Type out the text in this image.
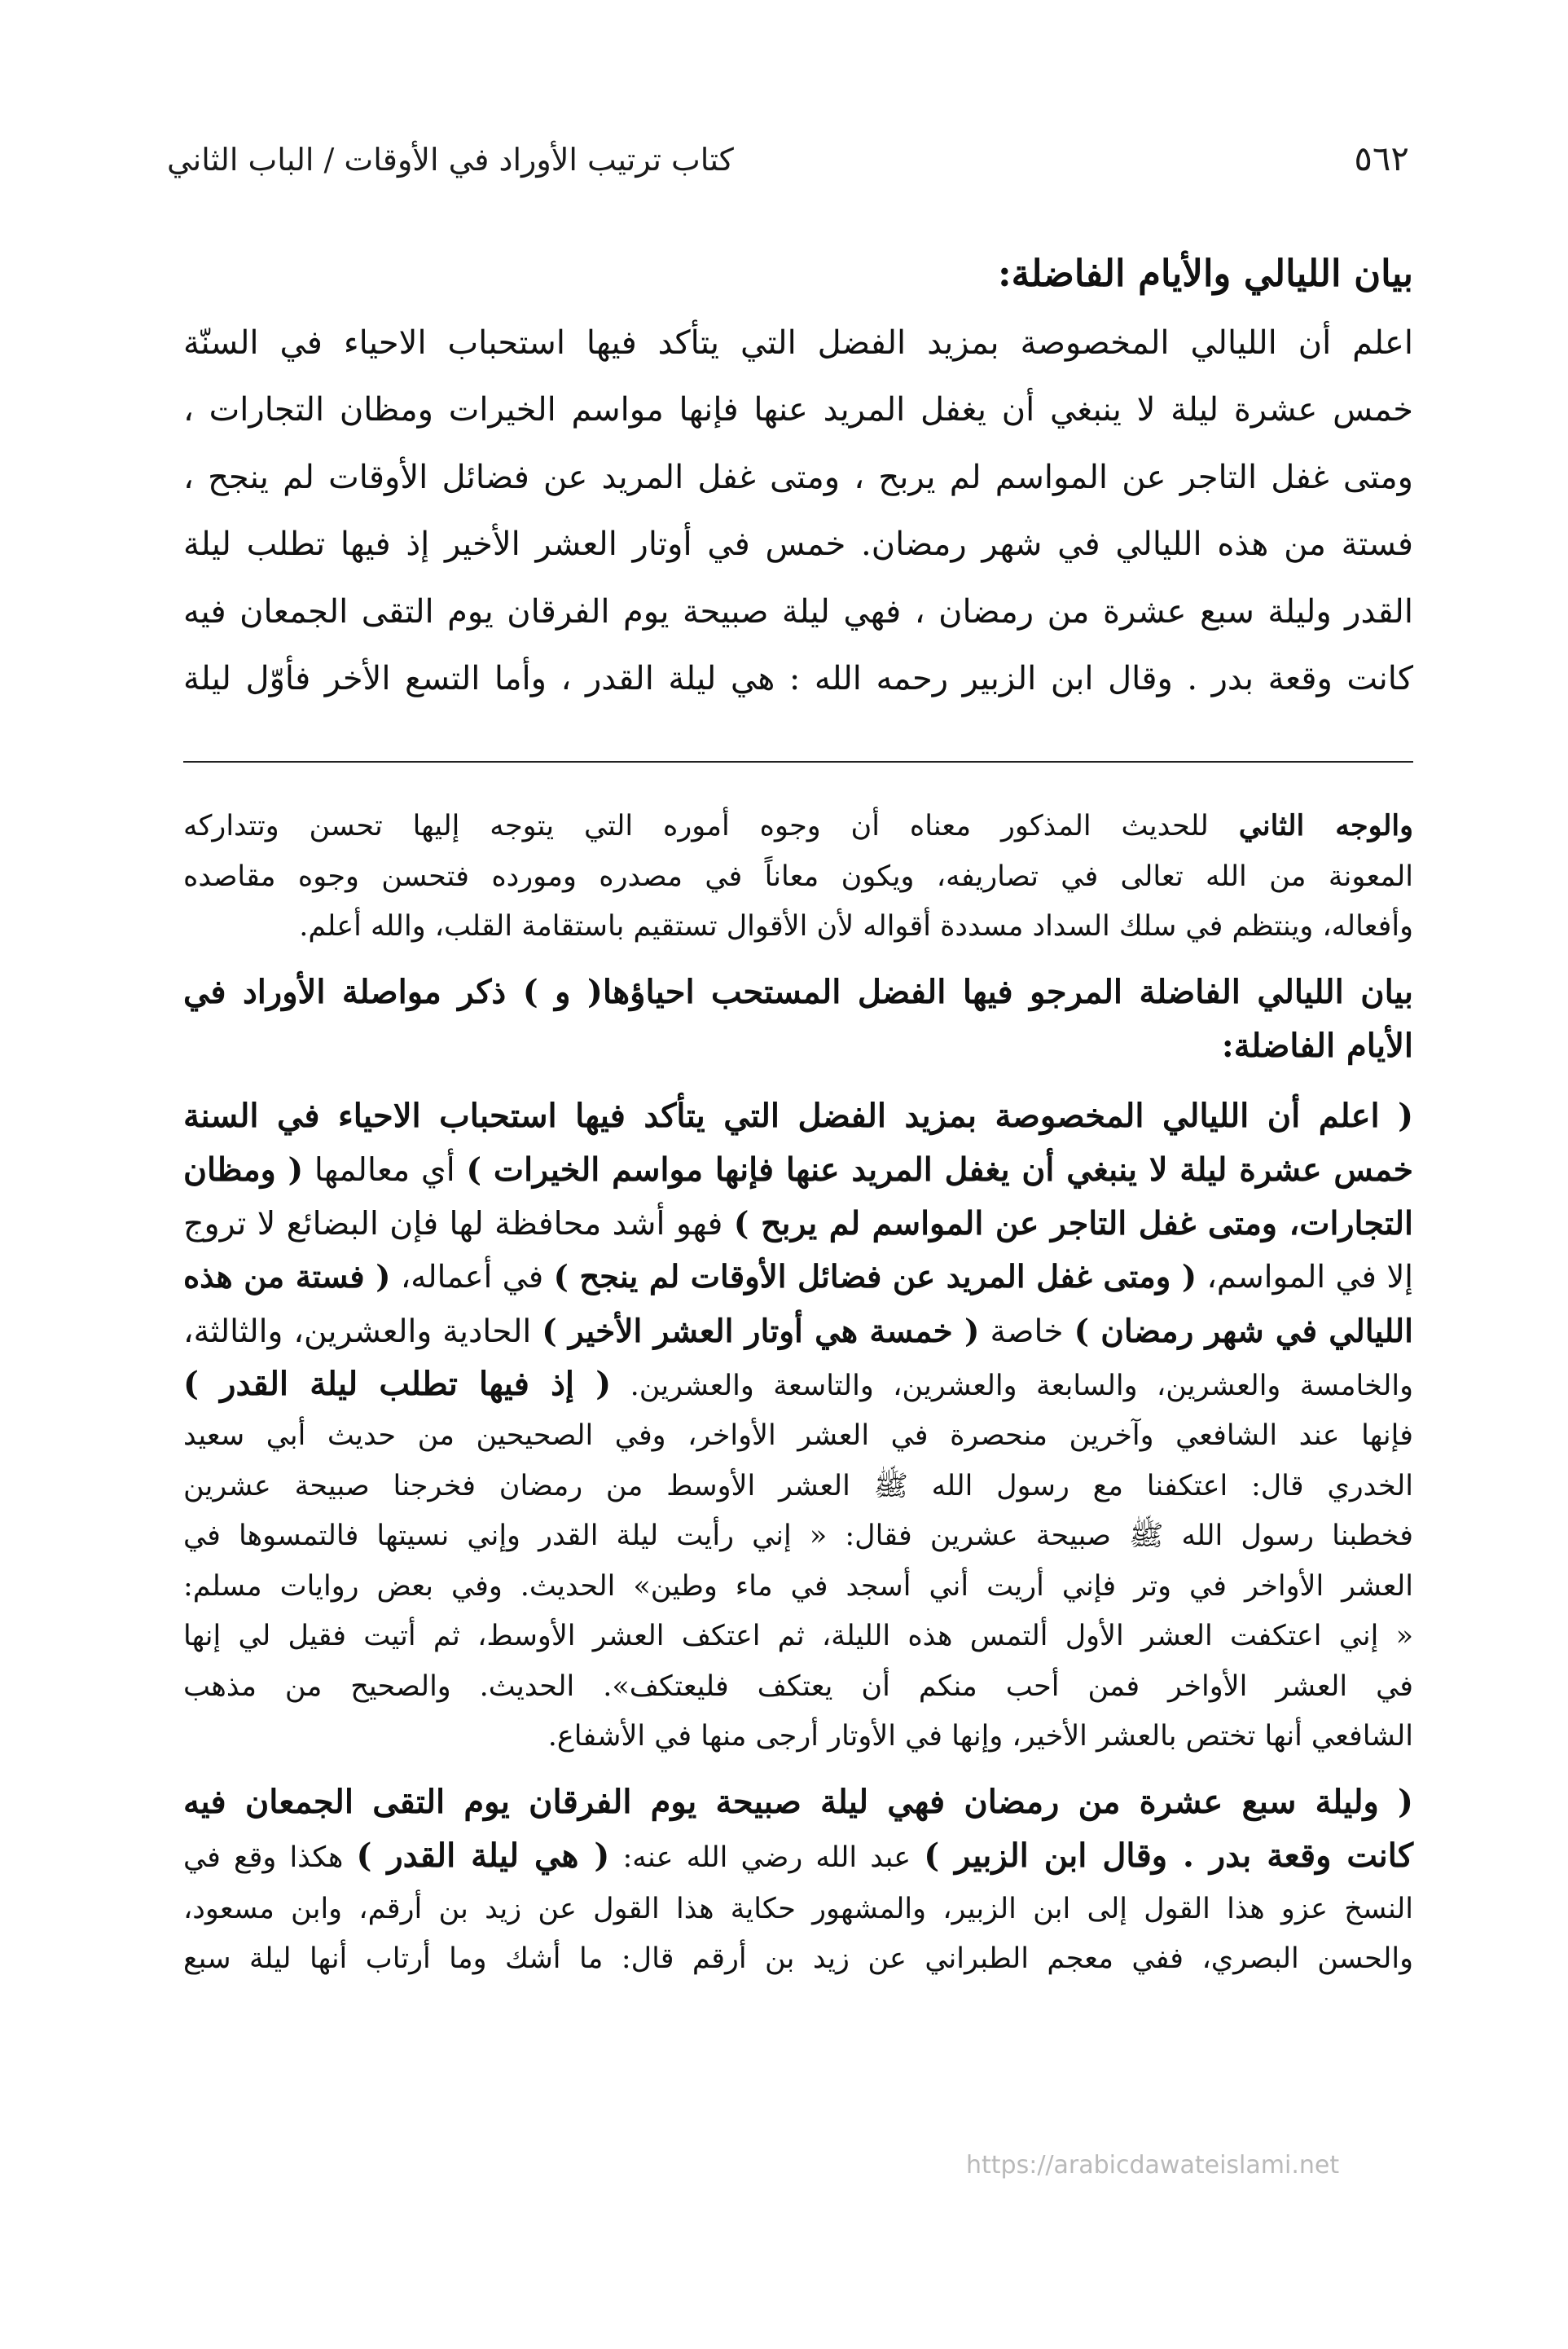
٥٦٢
كتاب ترتيب الأوراد في الأوقات / الباب الثاني
بيان الليالي والأيام الفاضلة:
اعلم أن الليالي المخصوصة بمزيد الفضل التي يتأكد فيها استحباب الاحياء في السنّة
خمس عشرة ليلة لا ينبغي أن يغفل المريد عنها فإنها مواسم الخيرات ومظان التجارات ،
ومتى غفل التاجر عن المواسم لم يربح ، ومتى غفل المريد عن فضائل الأوقات لم ينجح ،
فستة من هذه الليالي في شهر رمضان. خمس في أوتار العشر الأخير إذ فيها تطلب ليلة
القدر وليلة سبع عشرة من رمضان ، فهي ليلة صبيحة يوم الفرقان يوم التقى الجمعان فيه
كانت وقعة بدر . وقال ابن الزبير رحمه الله : هي ليلة القدر ، وأما التسع الأخر فأوّل ليلة
والوجه الثاني للحديث المذكور معناه أن وجوه أموره التي يتوجه إليها تحسن وتتداركه
المعونة من الله تعالى في تصاريفه، ويكون معاناً في مصدره ومورده فتحسن وجوه مقاصده
وأفعاله، وينتظم في سلك السداد مسددة أقواله لأن الأقوال تستقيم باستقامة القلب، والله أعلم.
بيان الليالي الفاضلة المرجو فيها الفضل المستحب احياؤها( و ) ذكر مواصلة الأوراد في
الأيام الفاضلة:
( اعلم أن الليالي المخصوصة بمزيد الفضل التي يتأكد فيها استحباب الاحياء في السنة
خمس عشرة ليلة لا ينبغي أن يغفل المريد عنها فإنها مواسم الخيرات ) أي معالمها ( ومظان
التجارات، ومتى غفل التاجر عن المواسم لم يربح ) فهو أشد محافظة لها فإن البضائع لا تروج
إلا في المواسم، ( ومتى غفل المريد عن فضائل الأوقات لم ينجح ) في أعماله، ( فستة من هذه
الليالي في شهر رمضان ) خاصة ( خمسة هي أوتار العشر الأخير ) الحادية والعشرين، والثالثة،
والخامسة والعشرين، والسابعة والعشرين، والتاسعة والعشرين. ( إذ فيها تطلب ليلة القدر )
فإنها عند الشافعي وآخرين منحصرة في العشر الأواخر، وفي الصحيحين من حديث أبي سعيد
الخدري قال: اعتكفنا مع رسول الله ﷺ العشر الأوسط من رمضان فخرجنا صبيحة عشرين
فخطبنا رسول الله ﷺ صبيحة عشرين فقال: « إني رأيت ليلة القدر وإني نسيتها فالتمسوها في
العشر الأواخر في وتر فإني أريت أني أسجد في ماء وطين» الحديث. وفي بعض روايات مسلم:
« إني اعتكفت العشر الأول ألتمس هذه الليلة، ثم اعتكف العشر الأوسط، ثم أتيت فقيل لي إنها
في العشر الأواخر فمن أحب منكم أن يعتكف فليعتكف». الحديث. والصحيح من مذهب
الشافعي أنها تختص بالعشر الأخير، وإنها في الأوتار أرجى منها في الأشفاع.
( وليلة سبع عشرة من رمضان فهي ليلة صبيحة يوم الفرقان يوم التقى الجمعان فيه
كانت وقعة بدر . وقال ابن الزبير ) عبد الله رضي الله عنه: ( هي ليلة القدر ) هكذا وقع في
النسخ عزو هذا القول إلى ابن الزبير، والمشهور حكاية هذا القول عن زيد بن أرقم، وابن مسعود،
والحسن البصري، ففي معجم الطبراني عن زيد بن أرقم قال: ما أشك وما أرتاب أنها ليلة سبع
https://arabicdawateislami.net
